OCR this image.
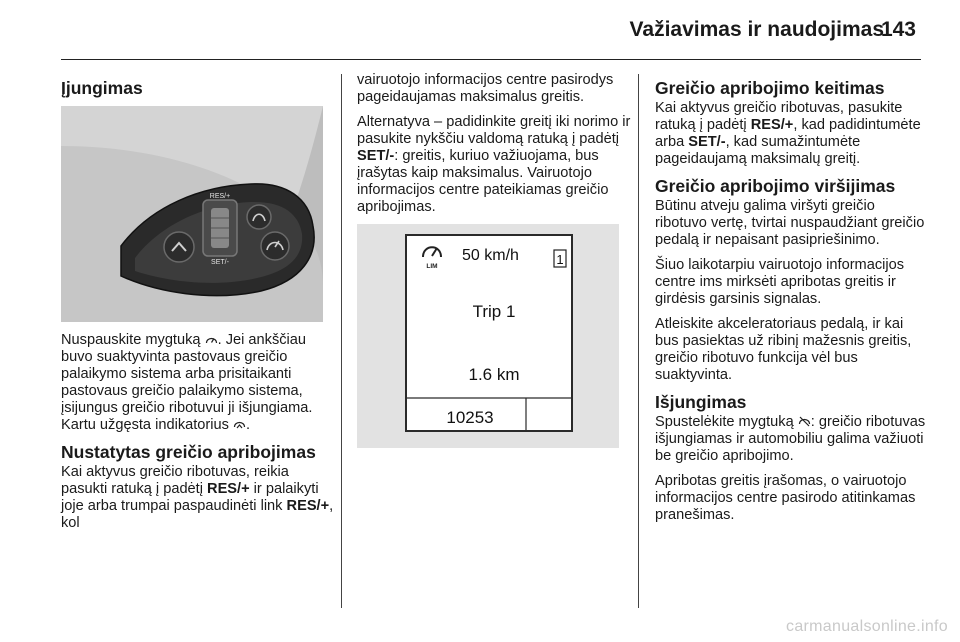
Važiavimas ir naudojimas
143
Įjungimas
RES/+
SET/-

Nuspauskite mygtuką . Jei ankščiau buvo suaktyvinta pastovaus greičio palaikymo sistema arba prisitaikanti pastovaus greičio palaikymo sistema, įsijungus greičio ribotuvui ji išjungiama. Kartu užgęsta indikatorius .

Nustatytas greičio apribojimas

Kai aktyvus greičio ribotuvas, reikia pasukti ratuką į padėtį RES/+ ir palaikyti joje arba trumpai paspaudinėti link RES/+, kol

vairuotojo informacijos centre pasirodys pageidaujamas maksimalus greitis.

Alternatyva – padidinkite greitį iki norimo ir pasukite nykščiu valdomą ratuką į padėtį SET/-: greitis, kuriuo važiuojama, bus įrašytas kaip maksimalus. Vairuotojo informacijos centre pateikiamas greičio apribojimas.

LIM
50 km/h	1
Trip 1
1.6 km
10253
Greičio apribojimo keitimas

Kai aktyvus greičio ribotuvas, pasukite ratuką į padėtį RES/+, kad padidintumėte arba SET/-, kad sumažintumėte pageidaujamą maksimalų greitį.

Greičio apribojimo viršijimas

Būtinu atveju galima viršyti greičio ribotuvo vertę, tvirtai nuspaudžiant greičio pedalą ir nepaisant pasipriešinimo.

Šiuo laikotarpiu vairuotojo informacijos centre ims mirksėti apribotas greitis ir girdėsis garsinis signalas.

Atleiskite akceleratoriaus pedalą, ir kai bus pasiektas už ribinį mažesnis greitis, greičio ribotuvo funkcija vėl bus suaktyvinta.

Išjungimas

Spustelėkite mygtuką : greičio ribotuvas išjungiamas ir automobiliu galima važiuoti be greičio apribojimo.

Apribotas greitis įrašomas, o vairuotojo informacijos centre pasirodo atitinkamas pranešimas.

carmanualsonline.info
